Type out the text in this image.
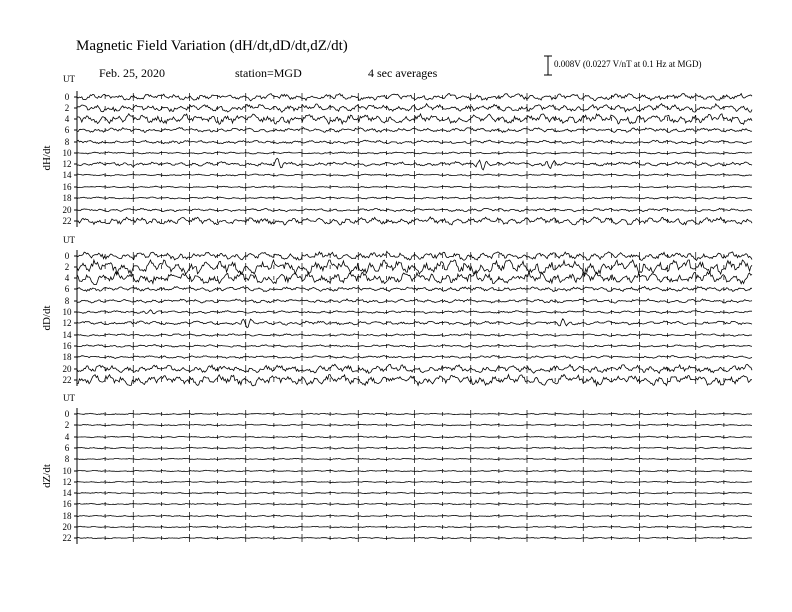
Magnetic Field Variation (dH/dt,dD/dt,dZ/dt)
Feb. 25, 2020	station=MGD	4 sec averages
0.008V (0.0227 V/nT at 0.1 Hz at MGD)
UT
dH/dt
0
2
4
6
8
10
12
14
16
18
20
22
UT
dD/dt
0
2
4
6
8
10
12
14
16
18
20
22
UT
dZ/dt
0
2
4
6
8
10
12
14
16
18
20
22
